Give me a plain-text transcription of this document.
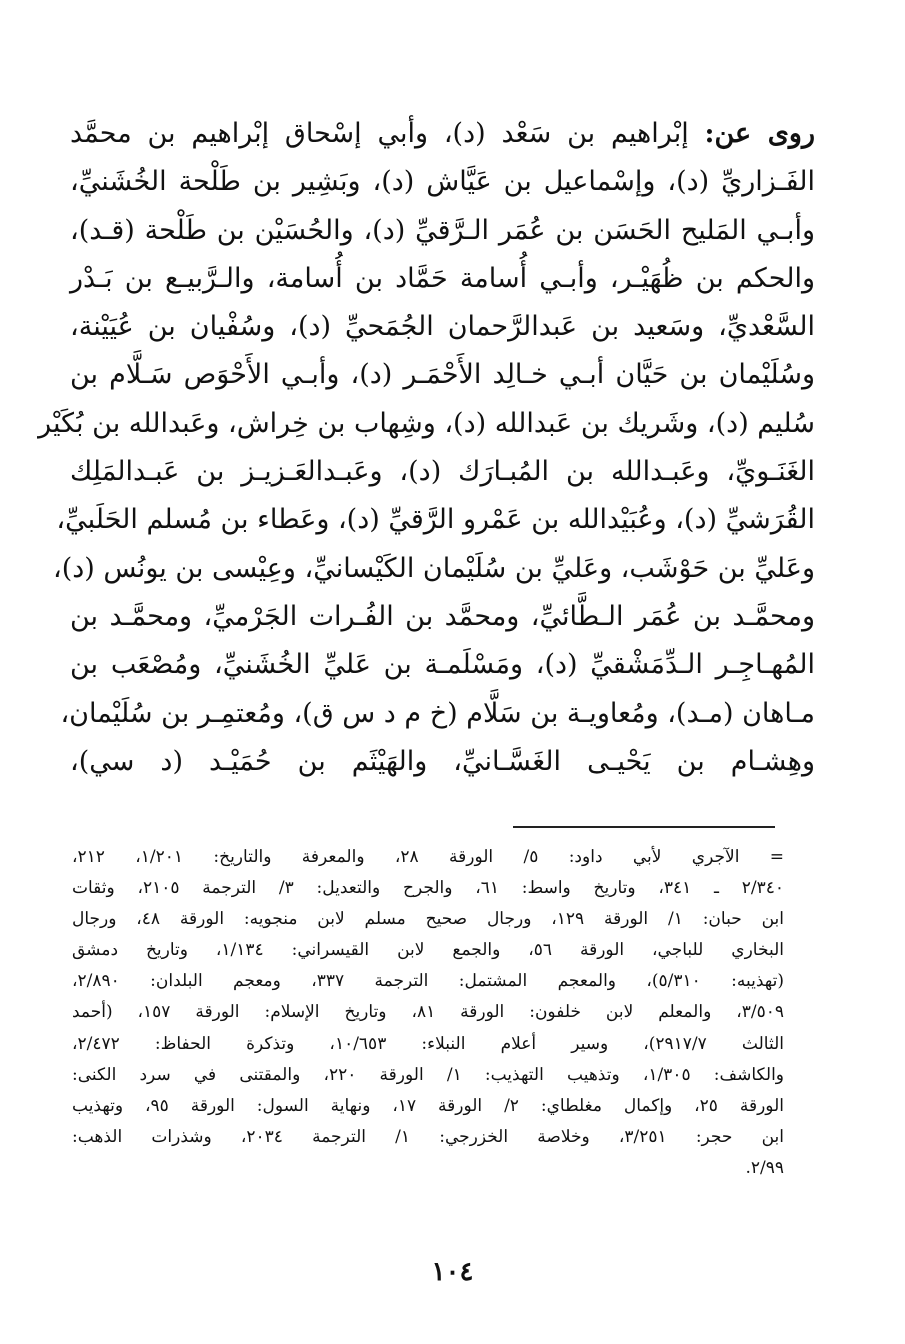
روى عن: إبْراهيم بن سَعْد (د)، وأبي إسْحاق إبْراهيم بن محمَّد
الفَـزاريِّ (د)، وإسْماعيل بن عَيَّاش (د)، وبَشِير بن طَلْحة الخُشَنيِّ،
وأبـي المَليح الحَسَن بن عُمَر الـرَّقيِّ (د)، والحُسَيْن بن طَلْحة (قـد)،
والحكم بن ظُهَيْـر، وأبـي أُسامة حَمَّاد بن أُسامة، والـرَّبيـع بن بَـدْر
السَّعْديِّ، وسَعيد بن عَبدالرَّحمان الجُمَحيِّ (د)، وسُفْيان بن عُيَيْنة،
وسُلَيْمان بن حَيَّان أبـي خـالِد الأَحْمَـر (د)، وأبـي الأَحْوَص سَـلَّام بن
سُليم (د)، وشَريك بن عَبدالله (د)، وشِهاب بن خِراش، وعَبدالله بن بُكَيْر
الغَنَـويِّ، وعَبـدالله بن المُبـارَك (د)، وعَبـدالعَـزيـز بن عَبـدالمَلِك
القُرَشيِّ (د)، وعُبَيْدالله بن عَمْرو الرَّقيِّ (د)، وعَطاء بن مُسلم الحَلَبيِّ،
وعَليِّ بن حَوْشَب، وعَليِّ بن سُلَيْمان الكَيْسانيِّ، وعِيْسى بن يونُس (د)،
ومحمَّـد بن عُمَر الـطَّائيِّ، ومحمَّد بن الفُـرات الجَرْميِّ، ومحمَّـد بن
المُهـاجِـر الـدِّمَشْقيِّ (د)، ومَسْلَمـة بن عَليِّ الخُشَنيِّ، ومُصْعَب بن
مـاهان (مـد)، ومُعاويـة بن سَلَّام (خ م د س ق)، ومُعتمِـر بن سُلَيْمان،
وهِشـام بن يَحْيـى الغَسَّـانيِّ، والهَيْثَم بن حُمَيْـد (د سي)،
= الآجري لأبي داود: ٥/ الورقة ٢٨، والمعرفة والتاريخ: ١/٢٠١، ٢١٢،
٢/٣٤٠ ـ ٣٤١، وتاريخ واسط: ٦١، والجرح والتعديل: ٣/ الترجمة ٢١٠٥، وثقات
ابن حبان: ١/ الورقة ١٢٩، ورجال صحيح مسلم لابن منجويه: الورقة ٤٨، ورجال
البخاري للباجي، الورقة ٥٦، والجمع لابن القيسراني: ١/١٣٤، وتاريخ دمشق
(تهذيبه: ٥/٣١٠)، والمعجم المشتمل: الترجمة ٣٣٧، ومعجم البلدان: ٢/٨٩٠،
٣/٥٠٩، والمعلم لابن خلفون: الورقة ٨١، وتاريخ الإسلام: الورقة ١٥٧، (أحمد
الثالث ٢٩١٧/٧)، وسير أعلام النبلاء: ١٠/٦٥٣، وتذكرة الحفاظ: ٢/٤٧٢،
والكاشف: ١/٣٠٥، وتذهيب التهذيب: ١/ الورقة ٢٢٠، والمقتنى في سرد الكنى:
الورقة ٢٥، وإكمال مغلطاي: ٢/ الورقة ١٧، ونهاية السول: الورقة ٩٥، وتهذيب
ابن حجر: ٣/٢٥١، وخلاصة الخزرجي: ١/ الترجمة ٢٠٣٤، وشذرات الذهب:
٢/٩٩.
١٠٤
